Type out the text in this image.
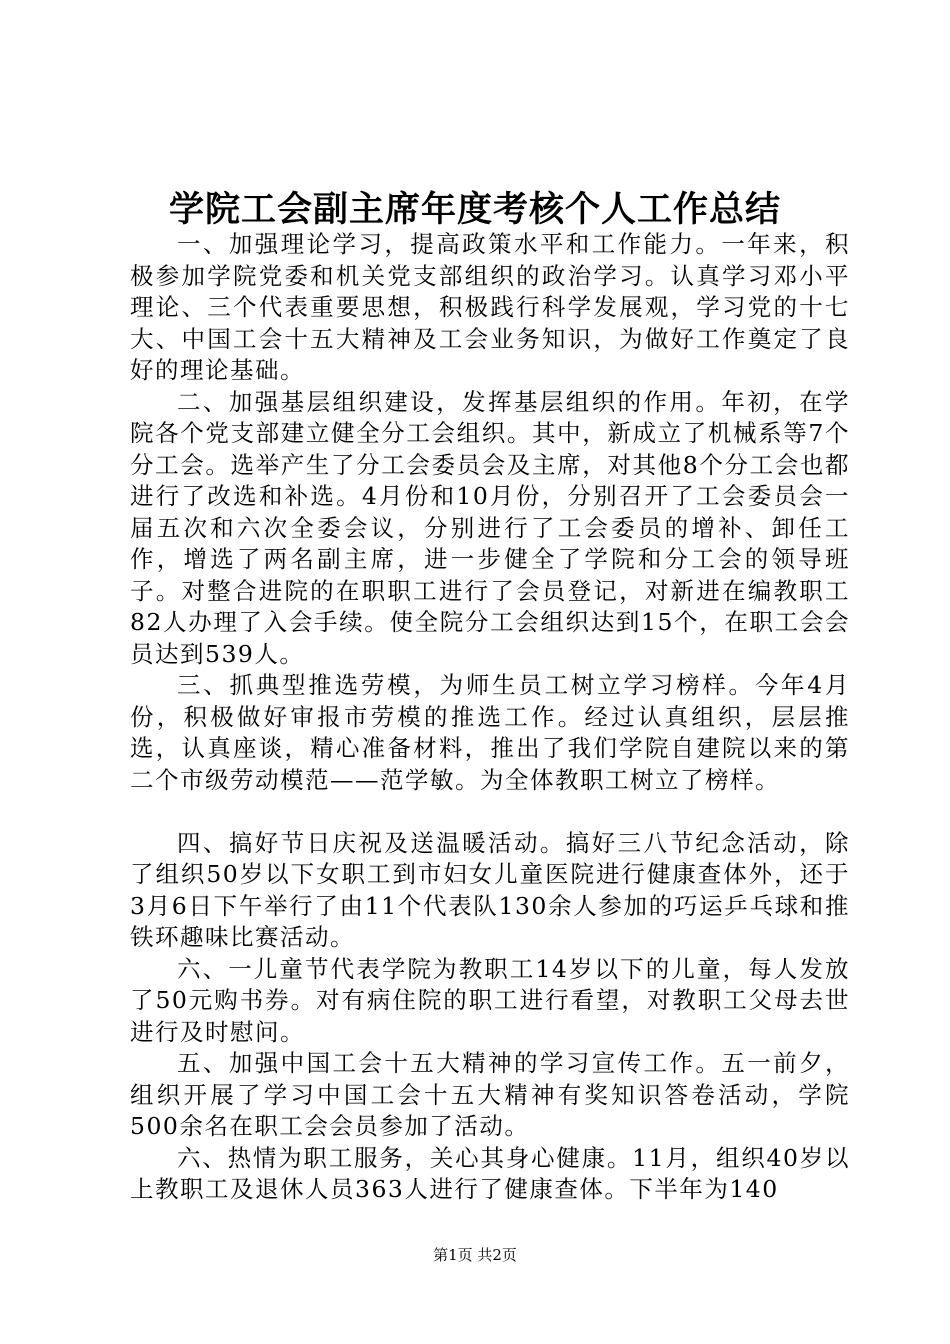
学院工会副主席年度考核个人工作总结

一、加强理论学习，提高政策水平和工作能力。一年来，积极参加学院党委和机关党支部组织的政治学习。认真学习邓小平理论、三个代表重要思想，积极践行科学发展观，学习党的十七大、中国工会十五大精神及工会业务知识，为做好工作奠定了良好的理论基础。

二、加强基层组织建设，发挥基层组织的作用。年初，在学院各个党支部建立健全分工会组织。其中，新成立了机械系等7个分工会。选举产生了分工会委员会及主席，对其他8个分工会也都进行了改选和补选。4月份和10月份，分别召开了工会委员会一届五次和六次全委会议，分别进行了工会委员的增补、卸任工作，增选了两名副主席，进一步健全了学院和分工会的领导班子。对整合进院的在职职工进行了会员登记，对新进在编教职工82人办理了入会手续。使全院分工会组织达到15个，在职工会会员达到539人。

三、抓典型推选劳模，为师生员工树立学习榜样。今年4月份，积极做好审报市劳模的推选工作。经过认真组织，层层推选，认真座谈，精心准备材料，推出了我们学院自建院以来的第二个市级劳动模范——范学敏。为全体教职工树立了榜样。

四、搞好节日庆祝及送温暖活动。搞好三八节纪念活动，除了组织50岁以下女职工到市妇女儿童医院进行健康查体外，还于3月6日下午举行了由11个代表队130余人参加的巧运乒乓球和推铁环趣味比赛活动。

六、一儿童节代表学院为教职工14岁以下的儿童，每人发放了50元购书券。对有病住院的职工进行看望，对教职工父母去世进行及时慰问。

五、加强中国工会十五大精神的学习宣传工作。五一前夕，组织开展了学习中国工会十五大精神有奖知识答卷活动，学院500余名在职工会会员参加了活动。

六、热情为职工服务，关心其身心健康。11月，组织40岁以上教职工及退休人员363人进行了健康查体。下半年为140

第1页 共2页
